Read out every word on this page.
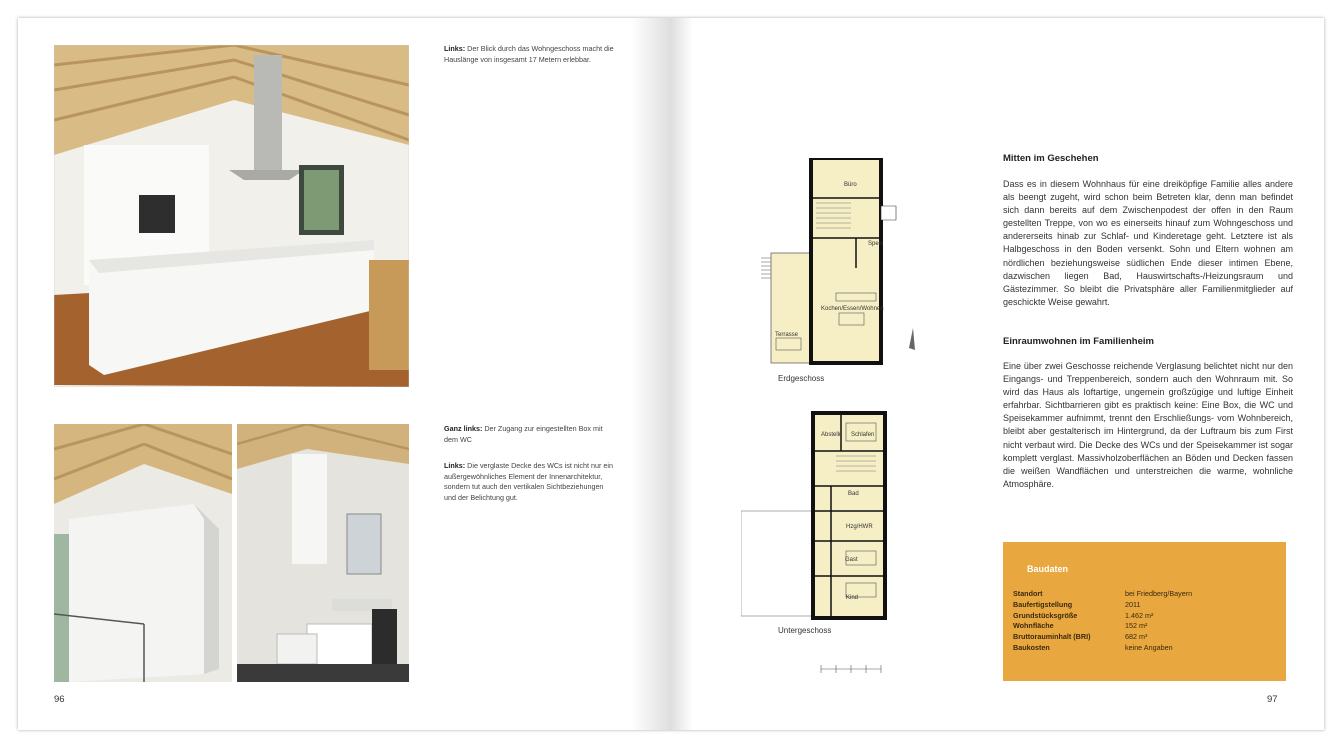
Links: Der Blick durch das Wohngeschoss macht die Hauslänge von insgesamt 17 Metern erlebbar.
Ganz links: Der Zugang zur eingestellten Box mit dem WC
Links: Die verglaste Decke des WCs ist nicht nur ein außergewöhnliches Element der Innenarchitektur, sondern tut auch den vertikalen Sichtbeziehungen und der Belichtung gut.
96
Büro
Speis
Kochen/Essen/Wohnen
Terrasse
Erdgeschoss
Abstellr. Schlafen
Bad
Hzg/HWR
Gast
Kind
Untergeschoss
Mitten im Geschehen
Dass es in diesem Wohnhaus für eine dreiköpfige Familie alles andere als beengt zugeht, wird schon beim Betreten klar, denn man befindet sich dann bereits auf dem Zwischenpodest der offen in den Raum gestellten Treppe, von wo es einerseits hinauf zum Wohngeschoss und andererseits hinab zur Schlaf- und Kinderetage geht. Letztere ist als Halbgeschoss in den Boden versenkt. Sohn und Eltern wohnen am nördlichen beziehungsweise südlichen Ende dieser intimen Ebene, dazwischen liegen Bad, Hauswirtschafts-/Heizungsraum und Gästezimmer. So bleibt die Privatsphäre aller Familienmitglieder auf geschickte Weise gewahrt.
Einraumwohnen im Familienheim
Eine über zwei Geschosse reichende Verglasung belichtet nicht nur den Eingangs- und Treppenbereich, sondern auch den Wohnraum mit. So wird das Haus als loftartige, ungemein großzügige und luftige Einheit erfahrbar. Sichtbarrieren gibt es praktisch keine: Eine Box, die WC und Speisekammer aufnimmt, trennt den Erschließungs- vom Wohnbereich, bleibt aber gestalterisch im Hintergrund, da der Luftraum bis zum First nicht verbaut wird. Die Decke des WCs und der Speisekammer ist sogar komplett verglast. Massivholzoberflächen an Böden und Decken fassen die weißen Wandflächen und unterstreichen die warme, wohnliche Atmosphäre.
97
Baudaten
Standort	bei Friedberg/Bayern
Baufertigstellung	2011
Grundstücksgröße	1.462 m²
Wohnfläche	152 m²
Bruttorauminhalt (BRI)	682 m³
Baukosten	keine Angaben
